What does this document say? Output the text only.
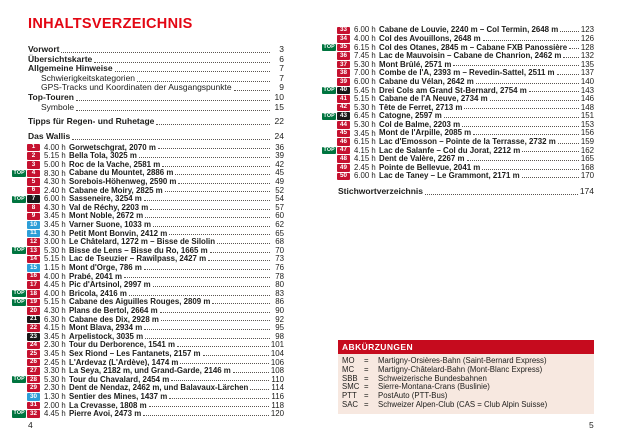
INHALTSVERZEICHNIS
Vorwort	3
Übersichtskarte	6
Allgemeine Hinweise	7
Schwierigkeitskategorien	7
GPS-Tracks und Koordinaten der Ausgangspunkte	9
Top-Touren	10
Symbole	15
Tipps für Regen- und Ruhetage	22
Das Wallis	24
1	4.00 h Gorwetschgrat, 2070 m	36
2	5.15 h Bella Tola, 3025 m	39
3	5.00 h Roc de la Vache, 2581 m	42
TOP	4	8.30 h Cabane du Mountet, 2886 m	45
5	4.30 h Sorebois-Höhenweg, 2590 m	49
6	2.40 h Cabane de Moiry, 2825 m	52
TOP	7	6.00 h Sasseneire, 3254 m	54
8	4.30 h Val de Réchy, 2203 m	57
9	3.45 h Mont Noble, 2672 m	60
10 3.45 h Varner Suone, 1033 m	62
11 4.30 h Petit Mont Bonvin, 2412 m	65
12 3.00 h Le Châtelard, 1272 m – Bisse de Silolin	68
TOP 13 5.30 h Bisse de Lens – Bisse du Ro, 1665 m	70
14 5.15 h Lac de Tseuzier – Rawilpass, 2427 m	73
15 1.15 h Mont d'Orge, 786 m	76
16 4.00 h Prabé, 2041 m	78
17 4.45 h Pic d'Artsinol, 2997 m	80
TOP 18 4.00 h Bricola, 2416 m	83
TOP 19 5.15 h Cabane des Aiguilles Rouges, 2809 m	86
20 4.30 h Plans de Bertol, 2664 m	90
21 6.30 h Cabane des Dix, 2928 m	92
22 4.15 h Mont Blava, 2934 m	95
23 3.45 h Arpelistock, 3035 m	98
24 2.30 h Tour du Derborence, 1541 m	101
25 3.45 h Sex Riond – Les Fantanets, 2157 m	104
26 2.45 h L'Ardevaz (L'Ardève), 1474 m	106
27 3.30 h La Seya, 2182 m, und Grand-Garde, 2146 m	108
TOP 28 5.30 h Tour du Chavalard, 2454 m	110
29 2.30 h Dent de Nendaz, 2462 m, und Balavaux-Lärchen	114
30 1.30 h Sentier des Mines, 1437 m	116
31 2.00 h La Crevasse, 1808 m	118
TOP 32 4.45 h Pierre Avoi, 2473 m	120
33 6.00 h Cabane de Louvie, 2240 m – Col Termin, 2648 m	123
34 4.00 h Col des Avouillons, 2648 m	126
TOP 35 6.15 h Col des Otanes, 2845 m – Cabane FXB Panossière 128
36 7.45 h Lac de Mauvoisin – Cabane de Chanrion, 2462 m 132
37 5.30 h Mont Brûlé, 2571 m	135
38 7.00 h Combe de l'A, 2393 m – Revedin-Sattel, 2511 m	137
39 6.00 h Cabane du Vélan, 2642 m	140
TOP 40 5.45 h Drei Cols am Grand St-Bernard, 2754 m	143
41 5.15 h Cabane de l'A Neuve, 2734 m	146
42 5.30 h Tête de Ferret, 2713 m	148
TOP 43 6.45 h Catogne, 2597 m	151
44 5.30 h Col de Balme, 2203 m	153
45 3.45 h Mont de l'Arpille, 2085 m	156
46 6.15 h Lac d'Emosson – Pointe de la Terrasse, 2732 m	159
TOP 47 4.15 h Lac de Salanfe – Col du Jorat, 2212 m	162
48 4.15 h Dent de Valère, 2267 m	165
49 2.45 h Pointe de Bellevue, 2041 m	168
50 6.00 h Lac de Taney – Le Grammont, 2171 m	170
Stichwortverzeichnis	174
ABKÜRZUNGEN
MO	=	Martigny-Orsières-Bahn (Saint-Bernard Express)
MC	=	Martigny-Châtelard-Bahn (Mont-Blanc Express)
SBB =	Schweizerische Bundesbahnen
SMC =	Sierre-Montana-Crans (Buslinie)
PTT =	PostAuto (PTT-Bus)
SAC =	Schweizer Alpen-Club (CAS = Club Alpin Suisse)
4	5
